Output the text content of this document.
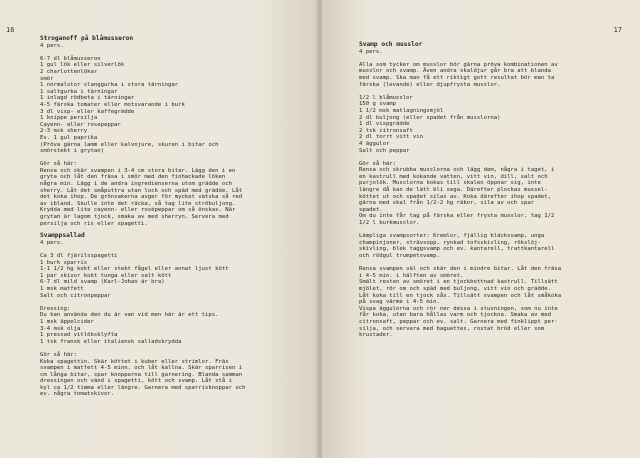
16
Stroganoff på blåmusseron
4 pers.
6-7 dl blåmusseron
1 gul lök eller silverlök
2 charlottenlökar
smör
1 normalstor slanggurka i stora tärningar
1 saltgurka i tärningar
1 inlagd rödbeta i tärningar
4-5 färska tomater eller motsvarande i burk
3 dl visp- eller kaffegrädde
1 knippe persilja
Cayenn- eller rosepeppar
2-3 msk sherry
Ev. 1 gul paprika
(Pröva gärna lamm eller kalvnjure, skuren i bitar och
smörstekt i grytan)
Gör så här:
Rensa och skär svampen i 3-4 cm stora bitar. Lägg den i en
gryta och låt den fräsa i smör med den finhackade löken
några min. Lägg i de andra ingredienserna utom grädde och
sherry. Låt det småputtra utan lock och späd med grädde. Låt
det koka ihop. De grönsakerna avger för mycket vätska så red
av ibland. Skulle inte det räcka, så tag lite ströbuljong.
Krydda med lite cayenn- eller rosépeppar om så önskas. När
grytan är lagom tjock, smaka av med sherryn. Servera med
persilja och ris eller spagetti.
Svamppsallad
4 pers.
Ca 3 dl fjärilsspagetti
1 burk sparris
1-1 1/2 hg kokt eller stekt fågel eller annat ljust kött
1 par skivor kokt tunga eller salt kött
6-7 dl mild svamp (Karl-Johan är bra)
1 msk matfett
Salt och citronpeppar
Dressing:
Du kan använda den du är van vid men här är ett tips.
1 msk äppelcider
3-4 msk olja
1 pressad vitlöksklyfta
1 tsk fransk eller italiensk salladskrydda
Gör så här:
Koka spagettin. Skär köttet i kuber eller strimlor. Fräs
svampen i matfett 4-5 minn. och låt kallna. Skär sparrisen i
cm långa bitar, spar knopparna till garnering. Blanda samman
dressingen och vänd i spagetti, kött och svamp. Låt stå i
kyl ca 1/2 timma eller längre. Garnera med sparrisknoppar och
ev. några tomatskivor.
17
Svamp och musslor
4 pers.
Alla som tycker om musslor bör gärna pröva kombinationen av
musslor och svamp. Även andra skaldjur går bra att blanda
med svamp. Ska man få ett riktigt gott resultat bör man ta
färska (levande) eller djupfrysta musslor.
1/2 l blåmusslor
150 g svamp
1 1/2 msk matlagningsmjöl
2 dl buljong (eller spadet från musslorna)
1 dl vispgrädde
2 tsk citronsaft
2 dl torrt vitt vin
4 äggulor
Salt och peppar
Gör så här:
Rensa och skrubba musslorna och lägg dem, några i taget, i
en kastrull med kokande vatten, vitt vin, dill, salt och
purjolök. Musslorna kokas till skalen öppnar sig, inte
längre då kan de lätt bli sega. Därefter plockas mussel-
köttet ut och spadet silas av. Koka därefter ihop spadet,
gärna med skal från 1/2-2 hg räkor, sila av och spar
spadet.
Om du inte får tag på färska eller frysta musslor, tag 1/2
1/2 l burkmusslor.
Lämpliga svampsorter: Kremlor, fjällig bläcksvamp, unga
champinjoner, strävsopp, rynkad tofsskivling, rökslöj-
skivling, blek taggsvamp och ev. kantarell, trattkantarell
och rödgul trumpetsvamp.
Rensa svampen väl och skär den i mindre bitar. Låt den fräsa
i 4-5 min. i hälften av smöret.
Smält resten av smöret i en tjockbottnad kastrull. Tillsätt
mjölet, rör om och späd med buljong, vitt vin och grädde.
Låt koka till en tjock sås. Tillsätt svampen och låt småkoka
på svag värme i 4-5 min.
Vispa äggulorna och rör ner dessa i stuvningen, som nu inte
får koka, utan bara hållas varm och tjockna. Smaka av med
citronsaft, peppar och ev. salt. Garnera med finklippt per-
silja, och servera med baguettes, rostat bröd eller som
krustader.
